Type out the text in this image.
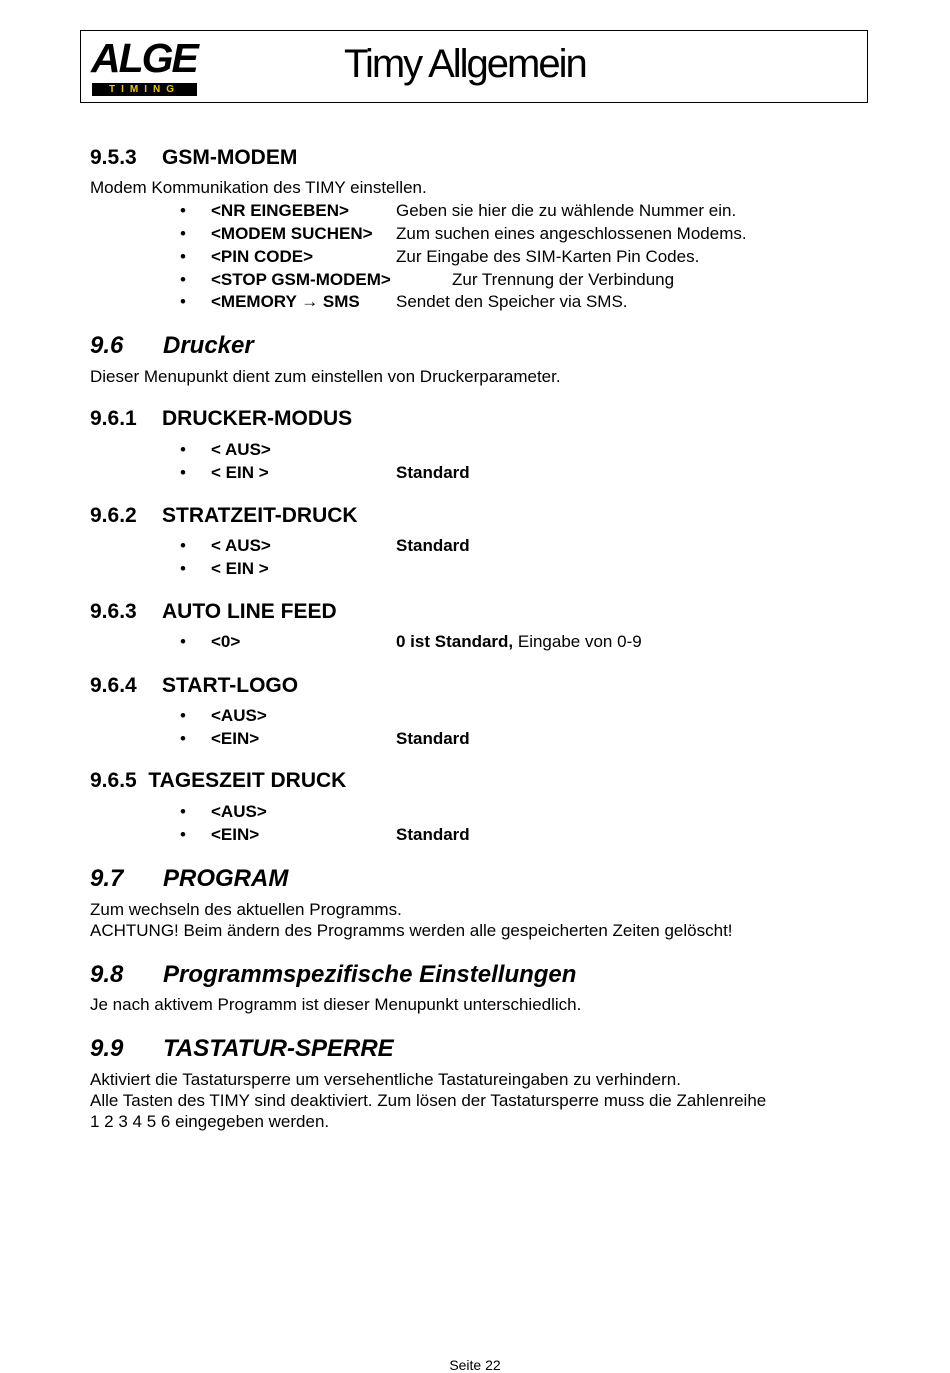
ALGE
TIMING
Timy Allgemein
9.5.3 GSM-MODEM

Modem Kommunikation des TIMY einstellen.

• <NR EINGEBEN>	Geben sie hier die zu wählende Nummer ein.
• <MODEM SUCHEN> Zum suchen eines angeschlossenen Modems.
• <PIN CODE>	Zur Eingabe des SIM-Karten Pin Codes.
• <STOP GSM-MODEM>	Zur Trennung der Verbindung
• <MEMORY → SMS Sendet den Speicher via SMS.
9.6 Drucker

Dieser Menupunkt dient zum einstellen von Druckerparameter.

9.6.1 DRUCKER-MODUS
• < AUS>
• < EIN >	Standard
9.6.2 STRATZEIT-DRUCK
• < AUS>	Standard
• < EIN >
9.6.3 AUTO LINE FEED
• <0>	0 ist Standard, Eingabe von 0-9
9.6.4 START-LOGO
• <AUS>
• <EIN>	Standard
9.6.5 TAGESZEIT DRUCK
• <AUS>
• <EIN>	Standard
9.7 PROGRAM

Zum wechseln des aktuellen Programms.

ACHTUNG! Beim ändern des Programms werden alle gespeicherten Zeiten gelöscht!

9.8 Programmspezifische Einstellungen

Je nach aktivem Programm ist dieser Menupunkt unterschiedlich.

9.9 TASTATUR-SPERRE

Aktiviert die Tastatursperre um versehentliche Tastatureingaben zu verhindern.

Alle Tasten des TIMY sind deaktiviert. Zum lösen der Tastatursperre muss die Zahlenreihe

1 2 3 4 5 6 eingegeben werden.

Seite 22
